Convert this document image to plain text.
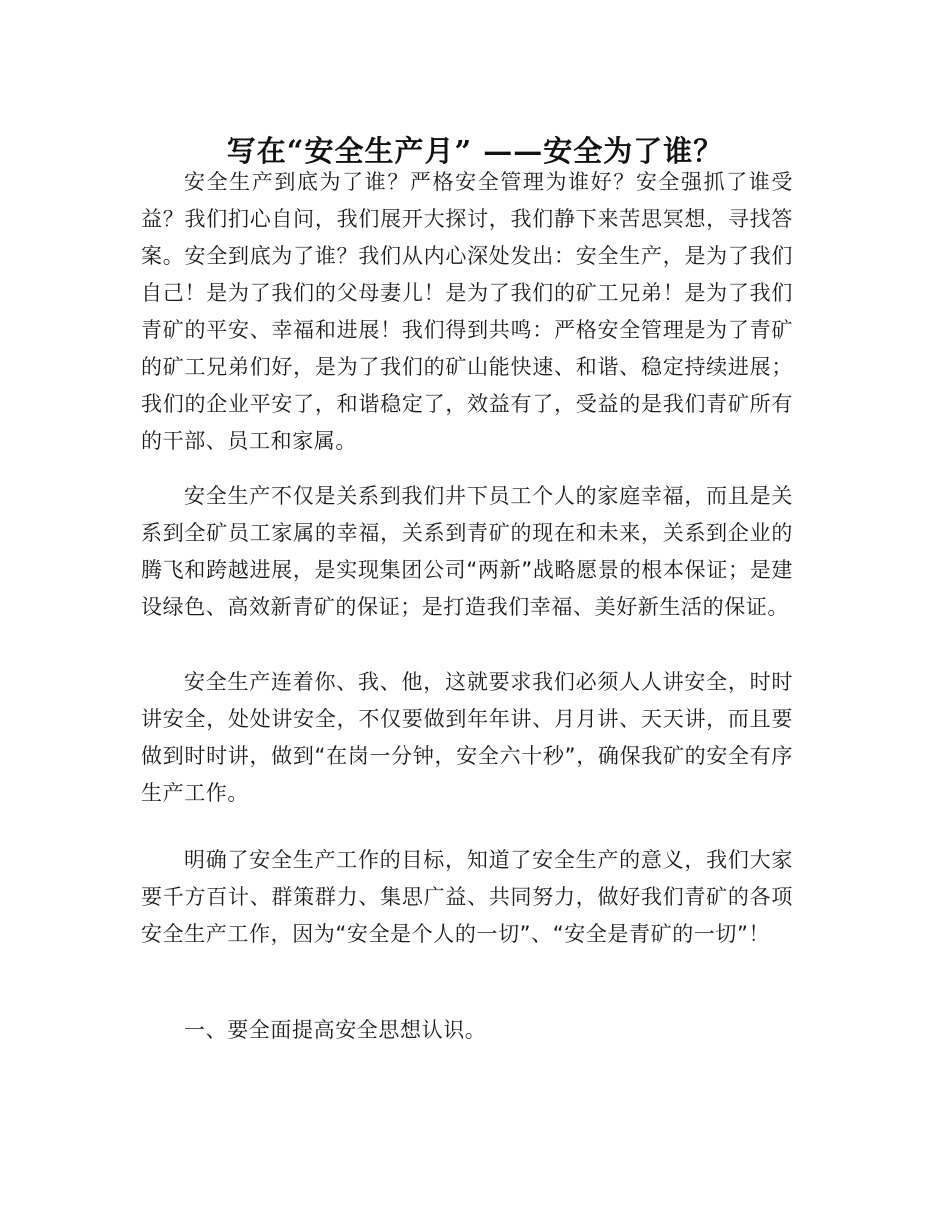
写在“安全生产月” ——安全为了谁？

安全生产到底为了谁？严格安全管理为谁好？安全强抓了谁受益？我们扪心自问，我们展开大探讨，我们静下来苦思冥想，寻找答案。安全到底为了谁？我们从内心深处发出：安全生产，是为了我们自己！是为了我们的父母妻儿！是为了我们的矿工兄弟！是为了我们青矿的平安、幸福和进展！我们得到共鸣：严格安全管理是为了青矿的矿工兄弟们好，是为了我们的矿山能快速、和谐、稳定持续进展；我们的企业平安了，和谐稳定了，效益有了，受益的是我们青矿所有的干部、员工和家属。

安全生产不仅是关系到我们井下员工个人的家庭幸福，而且是关系到全矿员工家属的幸福，关系到青矿的现在和未来，关系到企业的腾飞和跨越进展，是实现集团公司“两新”战略愿景的根本保证；是建设绿色、高效新青矿的保证；是打造我们幸福、美好新生活的保证。

安全生产连着你、我、他，这就要求我们必须人人讲安全，时时讲安全，处处讲安全，不仅要做到年年讲、月月讲、天天讲，而且要做到时时讲，做到“在岗一分钟，安全六十秒”，确保我矿的安全有序生产工作。

明确了安全生产工作的目标，知道了安全生产的意义，我们大家要千方百计、群策群力、集思广益、共同努力，做好我们青矿的各项安全生产工作，因为“安全是个人的一切”、“安全是青矿的一切”！

一、要全面提高安全思想认识。
